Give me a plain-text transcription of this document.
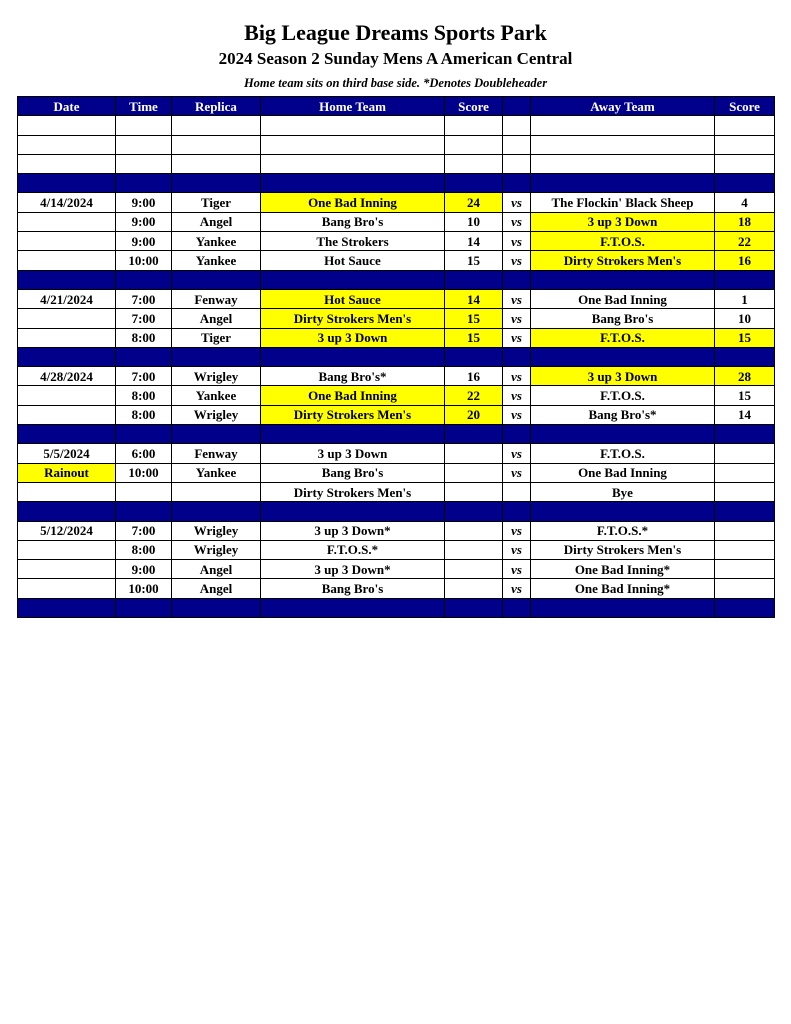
Big League Dreams Sports Park
2024 Season 2 Sunday Mens A American Central
Home team sits on third base side. *Denotes Doubleheader
Date	Time	Replica	Home Team	Score		Away Team	Score

4/14/2024	9:00	Tiger	One Bad Inning	24	vs	The Flockin' Black Sheep	4
	9:00	Angel	Bang Bro's	10	vs	3 up 3 Down	18
	9:00	Yankee	The Strokers	14	vs	F.T.O.S.	22
	10:00	Yankee	Hot Sauce	15	vs	Dirty Strokers Men's	16

4/21/2024	7:00	Fenway	Hot Sauce	14	vs	One Bad Inning	1
	7:00	Angel	Dirty Strokers Men's	15	vs	Bang Bro's	10
	8:00	Tiger	3 up 3 Down	15	vs	F.T.O.S.	15

4/28/2024	7:00	Wrigley	Bang Bro's*	16	vs	3 up 3 Down	28
	8:00	Yankee	One Bad Inning	22	vs	F.T.O.S.	15
	8:00	Wrigley	Dirty Strokers Men's	20	vs	Bang Bro's*	14

5/5/2024	6:00	Fenway	3 up 3 Down		vs	F.T.O.S.	
Rainout	10:00	Yankee	Bang Bro's		vs	One Bad Inning	
			Dirty Strokers Men's			Bye	

5/12/2024	7:00	Wrigley	3 up 3 Down*		vs	F.T.O.S.*	
	8:00	Wrigley	F.T.O.S.*		vs	Dirty Strokers Men's	
	9:00	Angel	3 up 3 Down*		vs	One Bad Inning*	
	10:00	Angel	Bang Bro's		vs	One Bad Inning*	
